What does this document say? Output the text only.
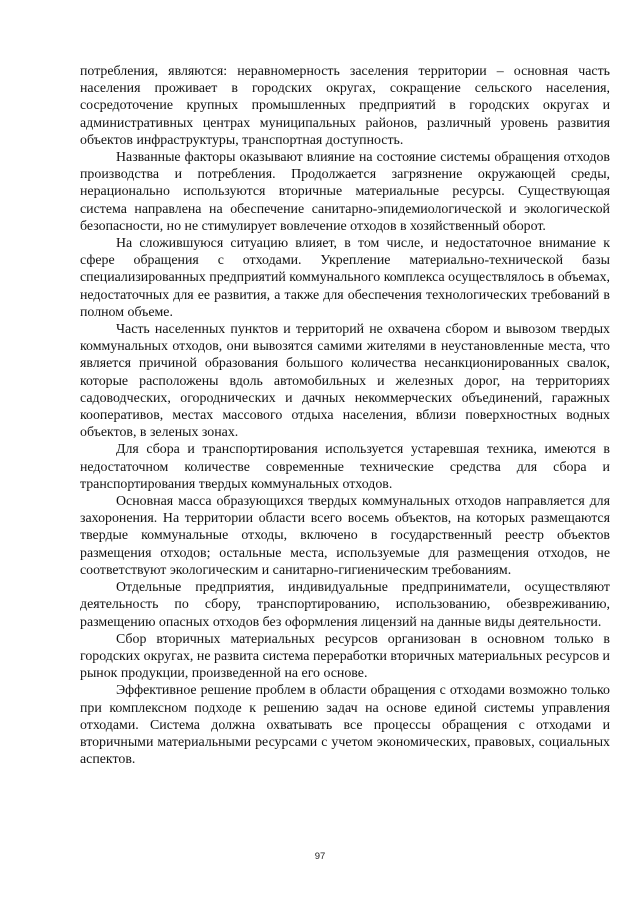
потребления, являются: неравномерность заселения территории – основная часть населения проживает в городских округах, сокращение сельского населения, сосредоточение крупных промышленных предприятий в городских округах и административных центрах муниципальных районов, различный уровень развития объектов инфраструктуры, транспортная доступность.

Названные факторы оказывают влияние на состояние системы обращения отходов производства и потребления. Продолжается загрязнение окружающей среды, нерационально используются вторичные материальные ресурсы. Существующая система направлена на обеспечение санитарно-эпидемиологической и экологической безопасности, но не стимулирует вовлечение отходов в хозяйственный оборот.

На сложившуюся ситуацию влияет, в том числе, и недостаточное внимание к сфере обращения с отходами. Укрепление материально-технической базы специализированных предприятий коммунального комплекса осуществлялось в объемах, недостаточных для ее развития, а также для обеспечения технологических требований в полном объеме.

Часть населенных пунктов и территорий не охвачена сбором и вывозом твердых коммунальных отходов, они вывозятся самими жителями в неустановленные места, что является причиной образования большого количества несанкционированных свалок, которые расположены вдоль автомобильных и железных дорог, на территориях садоводческих, огороднических и дачных некоммерческих объединений, гаражных кооперативов, местах массового отдыха населения, вблизи поверхностных водных объектов, в зеленых зонах.

Для сбора и транспортирования используется устаревшая техника, имеются в недостаточном количестве современные технические средства для сбора и транспортирования твердых коммунальных отходов.

Основная масса образующихся твердых коммунальных отходов направляется для захоронения. На территории области всего восемь объектов, на которых размещаются твердые коммунальные отходы, включено в государственный реестр объектов размещения отходов; остальные места, используемые для размещения отходов, не соответствуют экологическим и санитарно-гигиеническим требованиям.

Отдельные предприятия, индивидуальные предприниматели, осуществляют деятельность по сбору, транспортированию, использованию, обезвреживанию, размещению опасных отходов без оформления лицензий на данные виды деятельности.

Сбор вторичных материальных ресурсов организован в основном только в городских округах, не развита система переработки вторичных материальных ресурсов и рынок продукции, произведенной на его основе.

Эффективное решение проблем в области обращения с отходами возможно только при комплексном подходе к решению задач на основе единой системы управления отходами. Система должна охватывать все процессы обращения с отходами и вторичными материальными ресурсами с учетом экономических, правовых, социальных аспектов.

97
